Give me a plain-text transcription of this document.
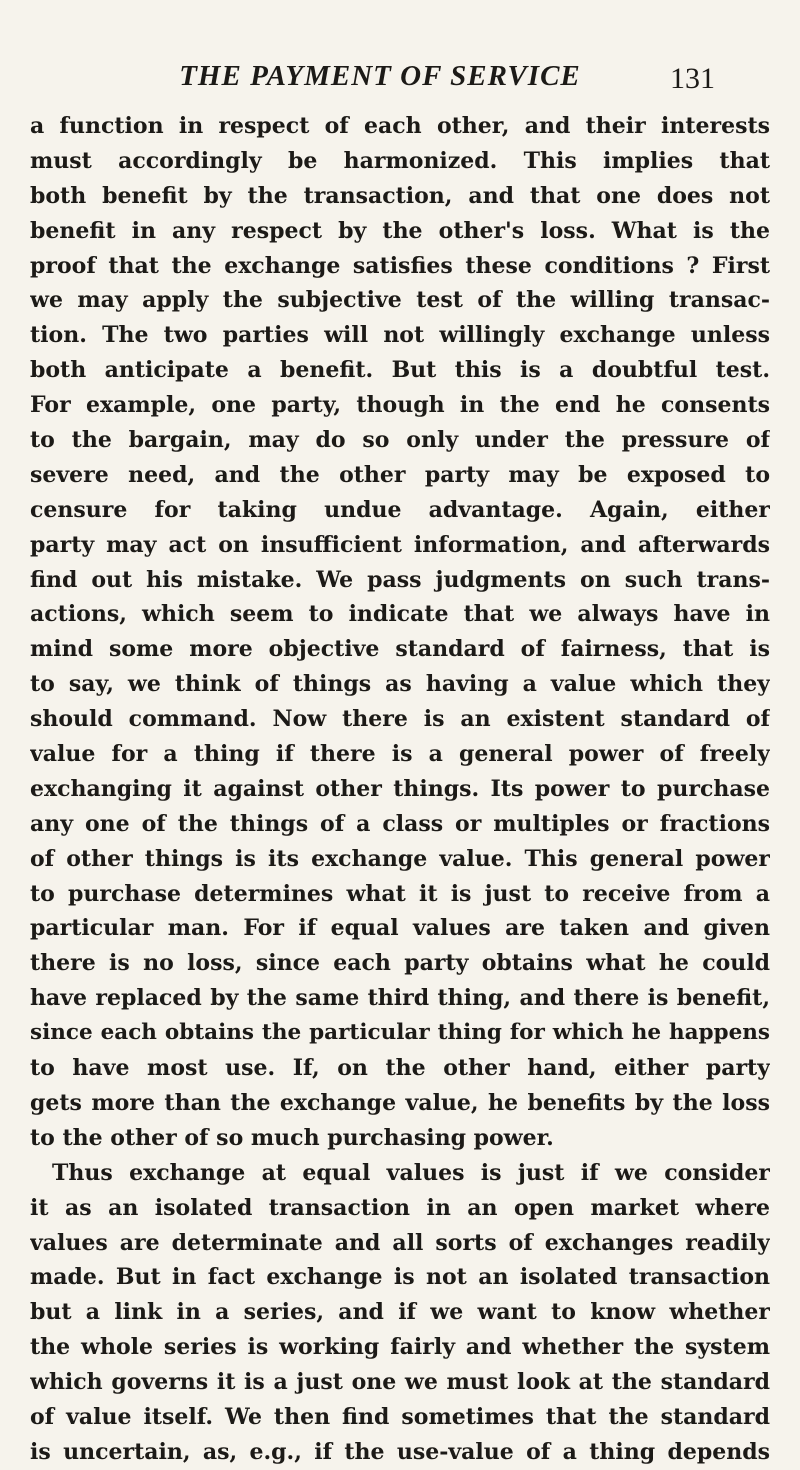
THE PAYMENT OF SERVICE	131
a function in respect of each other, and their interests
must accordingly be harmonized. This implies that
both benefit by the transaction, and that one does not
benefit in any respect by the other's loss. What is the
proof that the exchange satisfies these conditions ? First
we may apply the subjective test of the willing transac-
tion. The two parties will not willingly exchange unless
both anticipate a benefit. But this is a doubtful test.
For example, one party, though in the end he consents
to the bargain, may do so only under the pressure of
severe need, and the other party may be exposed to
censure for taking undue advantage. Again, either
party may act on insufficient information, and afterwards
find out his mistake. We pass judgments on such trans-
actions, which seem to indicate that we always have in
mind some more objective standard of fairness, that is
to say, we think of things as having a value which they
should command. Now there is an existent standard of
value for a thing if there is a general power of freely
exchanging it against other things. Its power to purchase
any one of the things of a class or multiples or fractions
of other things is its exchange value. This general power
to purchase determines what it is just to receive from a
particular man. For if equal values are taken and given
there is no loss, since each party obtains what he could
have replaced by the same third thing, and there is benefit,
since each obtains the particular thing for which he happens
to have most use. If, on the other hand, either party
gets more than the exchange value, he benefits by the loss
to the other of so much purchasing power.
Thus exchange at equal values is just if we consider
it as an isolated transaction in an open market where
values are determinate and all sorts of exchanges readily
made. But in fact exchange is not an isolated transaction
but a link in a series, and if we want to know whether
the whole series is working fairly and whether the system
which governs it is a just one we must look at the standard
of value itself. We then find sometimes that the standard
is uncertain, as, e.g., if the use-value of a thing depends
